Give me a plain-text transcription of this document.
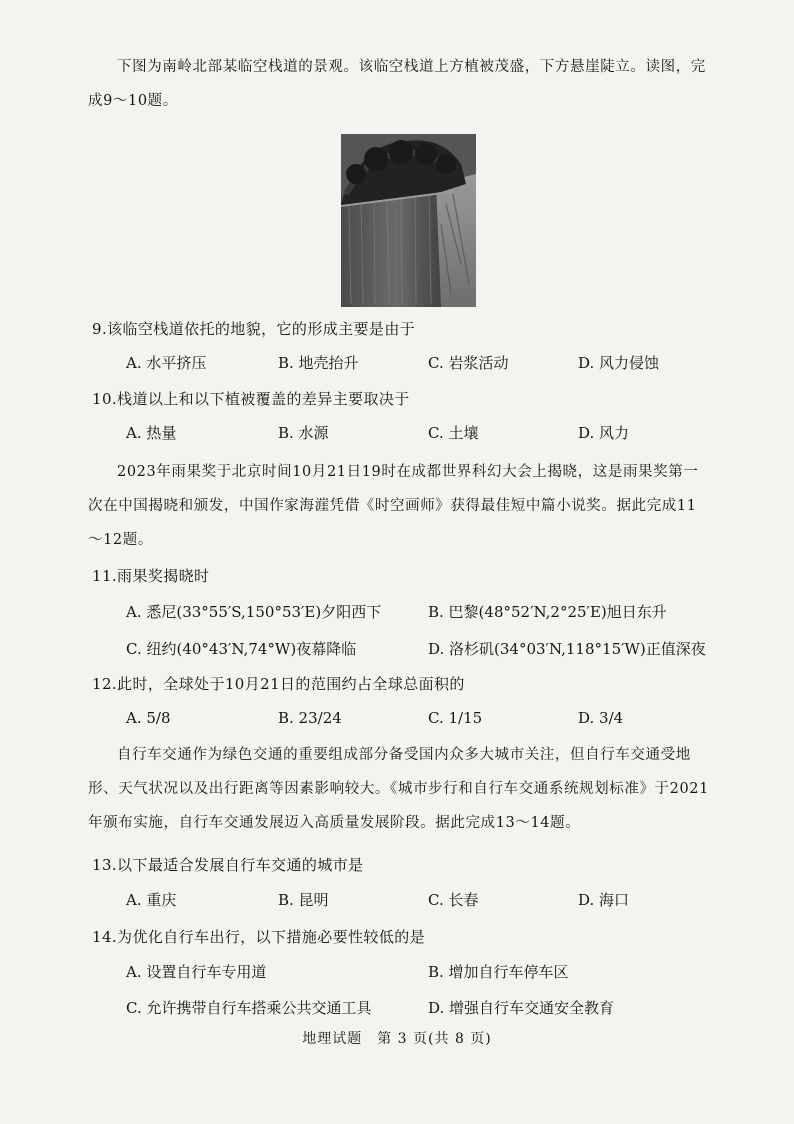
下图为南岭北部某临空栈道的景观。该临空栈道上方植被茂盛，下方悬崖陡立。读图，完成9～10题。

9.该临空栈道依托的地貌，它的形成主要是由于

A. 水平挤压	B. 地壳抬升	C. 岩浆活动	D. 风力侵蚀

10.栈道以上和以下植被覆盖的差异主要取决于

A. 热量	B. 水源	C. 土壤	D. 风力

2023年雨果奖于北京时间10月21日19时在成都世界科幻大会上揭晓，这是雨果奖第一次在中国揭晓和颁发，中国作家海漄凭借《时空画师》获得最佳短中篇小说奖。据此完成11～12题。

11.雨果奖揭晓时

A. 悉尼(33°55′S,150°53′E)夕阳西下	B. 巴黎(48°52′N,2°25′E)旭日东升
C. 纽约(40°43′N,74°W)夜幕降临	D. 洛杉矶(34°03′N,118°15′W)正值深夜

12.此时，全球处于10月21日的范围约占全球总面积的

A. 5/8	B. 23/24	C. 1/15	D. 3/4

自行车交通作为绿色交通的重要组成部分备受国内众多大城市关注，但自行车交通受地形、天气状况以及出行距离等因素影响较大。《城市步行和自行车交通系统规划标准》于2021年颁布实施，自行车交通发展迈入高质量发展阶段。据此完成13～14题。

13.以下最适合发展自行车交通的城市是

A. 重庆	B. 昆明	C. 长春	D. 海口

14.为优化自行车出行，以下措施必要性较低的是

A. 设置自行车专用道	B. 增加自行车停车区
C. 允许携带自行车搭乘公共交通工具	D. 增强自行车交通安全教育
地理试题　第 3 页(共 8 页)
